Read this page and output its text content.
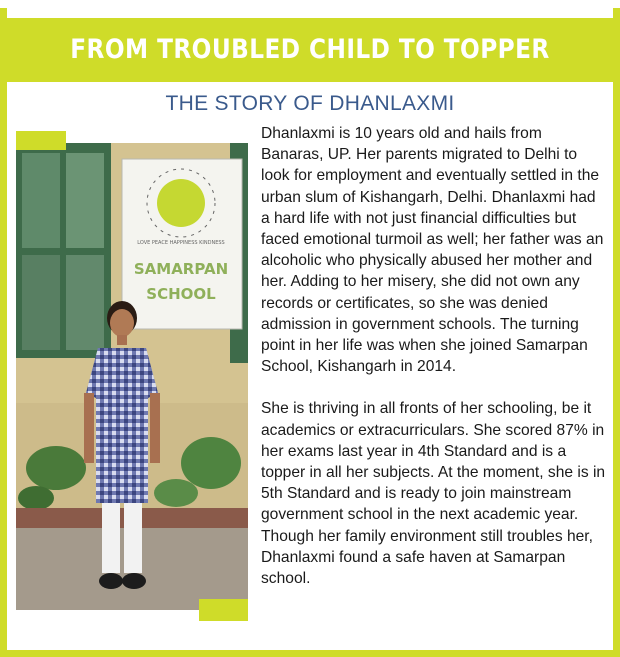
FROM TROUBLED CHILD TO TOPPER
THE STORY OF DHANLAXMI
LOVE PEACE HAPPINESS KINDNESS
SAMARPAN
SCHOOL

Dhanlaxmi is 10 years old and hails from Banaras, UP. Her parents migrated to Delhi to look for employment and eventually settled in the urban slum of Kishangarh, Delhi. Dhanlaxmi had a hard life with not just financial difficulties but faced emotional turmoil as well; her father was an alcoholic who physically abused her mother and her. Adding to her misery, she did not own any records or certificates, so she was denied admission in government schools. The turning point in her life was when she joined Samarpan School, Kishangarh in 2014.

She is thriving in all fronts of her schooling, be it academics or extracurriculars. She scored 87% in her exams last year in 4th Standard and is a topper in all her subjects. At the moment, she is in 5th Standard and is ready to join mainstream government school in the next academic year. Though her family environment still troubles her, Dhanlaxmi found a safe haven at Samarpan school.
